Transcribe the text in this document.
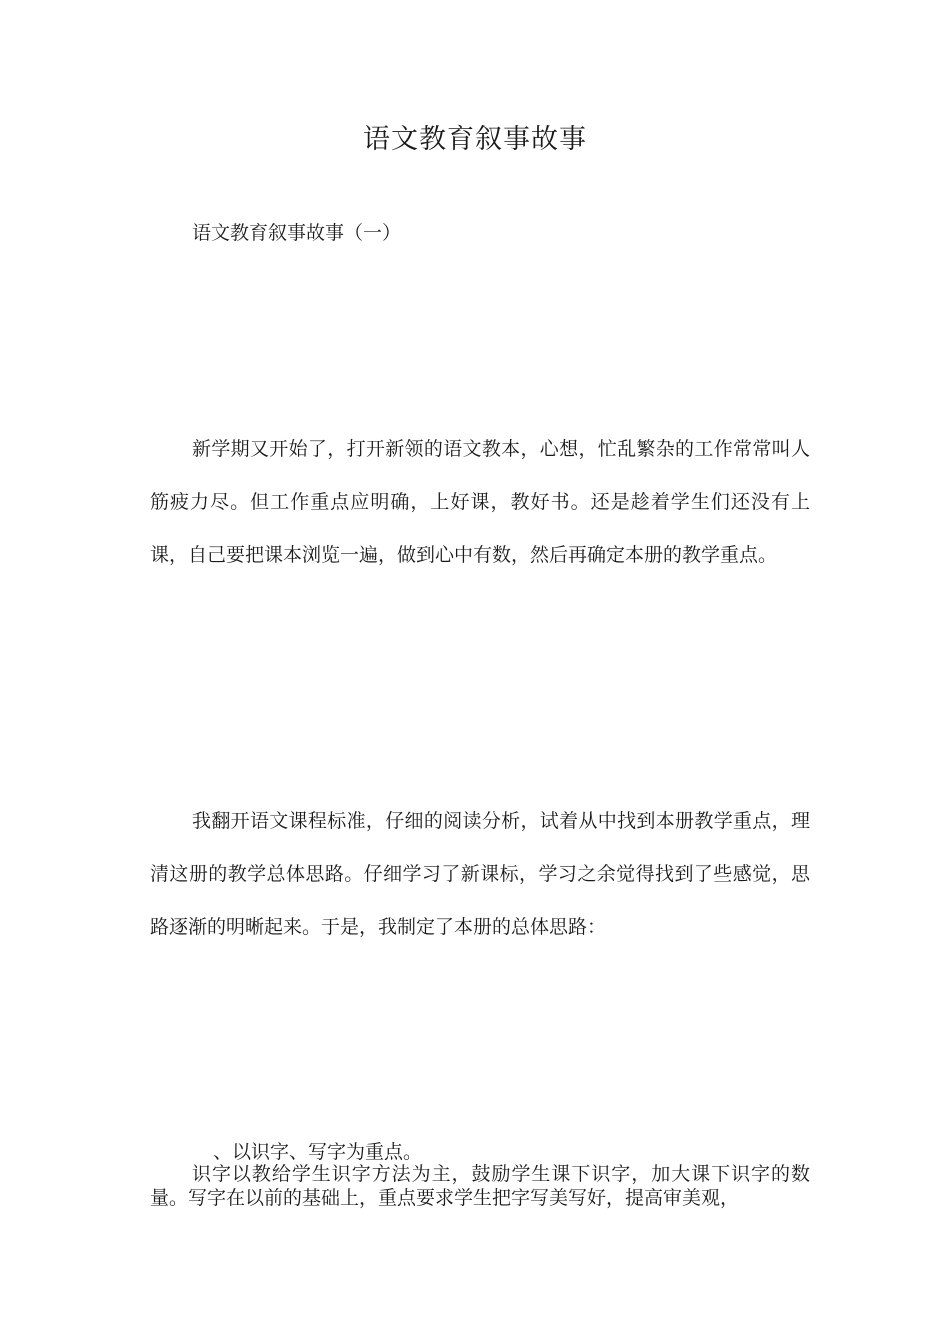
语文教育叙事故事
语文教育叙事故事（一）

新学期又开始了，打开新领的语文教本，心想，忙乱繁杂的工作常常叫人筋疲力尽。但工作重点应明确，上好课，教好书。还是趁着学生们还没有上课，自己要把课本浏览一遍，做到心中有数，然后再确定本册的教学重点。

我翻开语文课程标准，仔细的阅读分析，试着从中找到本册教学重点，理清这册的教学总体思路。仔细学习了新课标，学习之余觉得找到了些感觉，思路逐渐的明晰起来。于是，我制定了本册的总体思路：

、以识字、写字为重点。

识字以教给学生识字方法为主，鼓励学生课下识字，加大课下识字的数量。写字在以前的基础上，重点要求学生把字写美写好，提高审美观，
